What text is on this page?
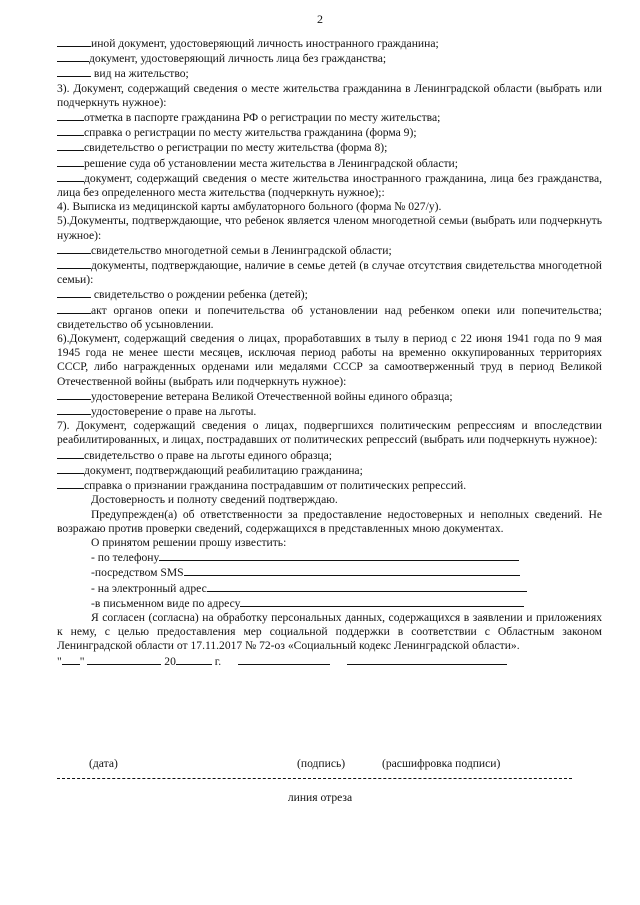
2

иной документ, удостоверяющий личность иностранного гражданина;

документ, удостоверяющий личность лица без гражданства;

вид на жительство;

3). Документ, содержащий сведения о месте жительства гражданина в Ленинградской области (выбрать или подчеркнуть нужное):

отметка в паспорте гражданина РФ о регистрации по месту жительства;

справка о регистрации по месту жительства гражданина (форма 9);

свидетельство о регистрации по месту жительства (форма 8);

решение суда об установлении места жительства в Ленинградской области;

документ, содержащий сведения о месте жительства иностранного гражданина, лица без гражданства, лица без определенного места жительства (подчеркнуть нужное);:

4). Выписка из медицинской карты амбулаторного больного (форма № 027/у).

5).Документы, подтверждающие, что ребенок является членом многодетной семьи (выбрать или подчеркнуть нужное):

свидетельство многодетной семьи в Ленинградской области;

документы, подтверждающие, наличие в семье детей (в случае отсутствия свидетельства многодетной семьи):

свидетельство о рождении ребенка (детей);

акт органов опеки и попечительства об установлении над ребенком опеки или попечительства; свидетельство об усыновлении.

6).Документ, содержащий сведения о лицах, проработавших в тылу в период с 22 июня 1941 года по 9 мая 1945 года не менее шести месяцев, исключая период работы на временно оккупированных территориях СССР, либо награжденных орденами или медалями СССР за самоотверженный труд в период Великой Отечественной войны (выбрать или подчеркнуть нужное):

удостоверение ветерана Великой Отечественной войны единого образца;

удостоверение о праве на льготы.

7). Документ, содержащий сведения о лицах, подвергшихся политическим репрессиям и впоследствии реабилитированных, и лицах, пострадавших от политических репрессий (выбрать или подчеркнуть нужное):

свидетельство о праве на льготы единого образца;

документ, подтверждающий реабилитацию гражданина;

справка о признании гражданина пострадавшим от политических репрессий.

Достоверность и полноту сведений подтверждаю.

Предупрежден(а) об ответственности за предоставление недостоверных и неполных сведений. Не возражаю против проверки сведений, содержащихся в представленных мною документах.

О принятом решении прошу известить:

- по телефону

-посредством SMS

- на электронный адрес

-в письменном виде по адресу

Я согласен (согласна) на обработку персональных данных, содержащихся в заявлении и приложениях к нему, с целью предоставления мер социальной поддержки в соответствии с Областным законом Ленинградской области от 17.11.2017 № 72-оз «Социальный кодекс Ленинградской области».

" "	20	г.

(дата)	(подпись)	(расшифровка подписи)
линия отреза
